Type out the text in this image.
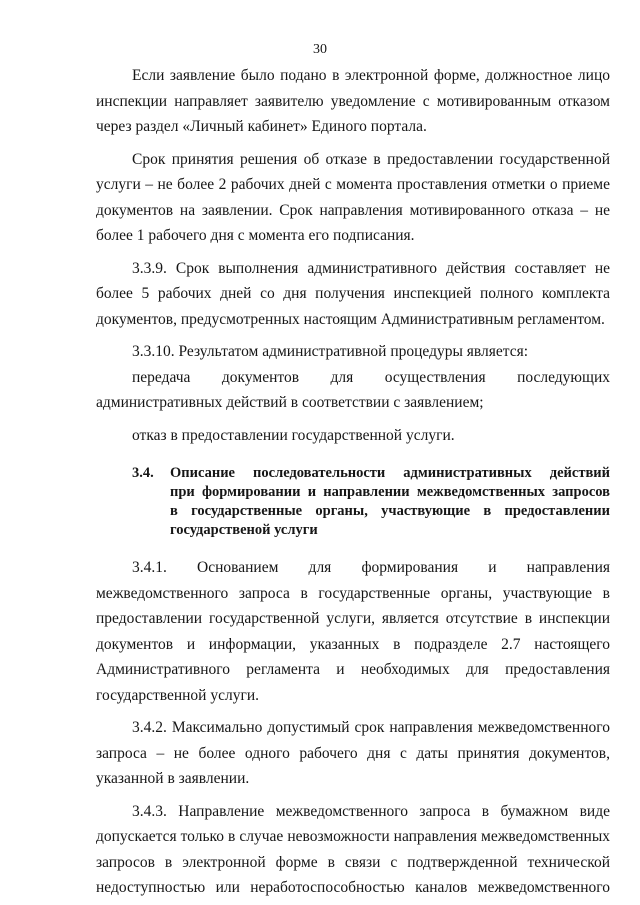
30

Если заявление было подано в электронной форме, должностное лицо инспекции направляет заявителю уведомление с мотивированным отказом через раздел «Личный кабинет» Единого портала.

Срок принятия решения об отказе в предоставлении государственной услуги – не более 2 рабочих дней с момента проставления отметки о приеме документов на заявлении. Срок направления мотивированного отказа – не более 1 рабочего дня с момента его подписания.

3.3.9. Срок выполнения административного действия составляет не более 5 рабочих дней со дня получения инспекцией полного комплекта документов, предусмотренных настоящим Административным регламентом.

3.3.10. Результатом административной процедуры является:

передача документов для осуществления последующих административных действий в соответствии с заявлением;

отказ в предоставлении государственной услуги.

3.4.	Описание последовательности административных действий
при формировании и направлении межведомственных запросов
в государственные органы, участвующие в предоставлении
государственой услуги

3.4.1. Основанием для формирования и направления межведомственного запроса в государственные органы, участвующие в предоставлении государственной услуги, является отсутствие в инспекции документов и информации, указанных в подразделе 2.7 настоящего Административного регламента и необходимых для предоставления государственной услуги.

3.4.2. Максимально допустимый срок направления межведомственного запроса – не более одного рабочего дня с даты принятия документов, указанной в заявлении.

3.4.3. Направление межведомственного запроса в бумажном виде допускается только в случае невозможности направления межведомственных запросов в электронной форме в связи с подтвержденной технической недоступностью или неработоспособностью каналов межведомственного
